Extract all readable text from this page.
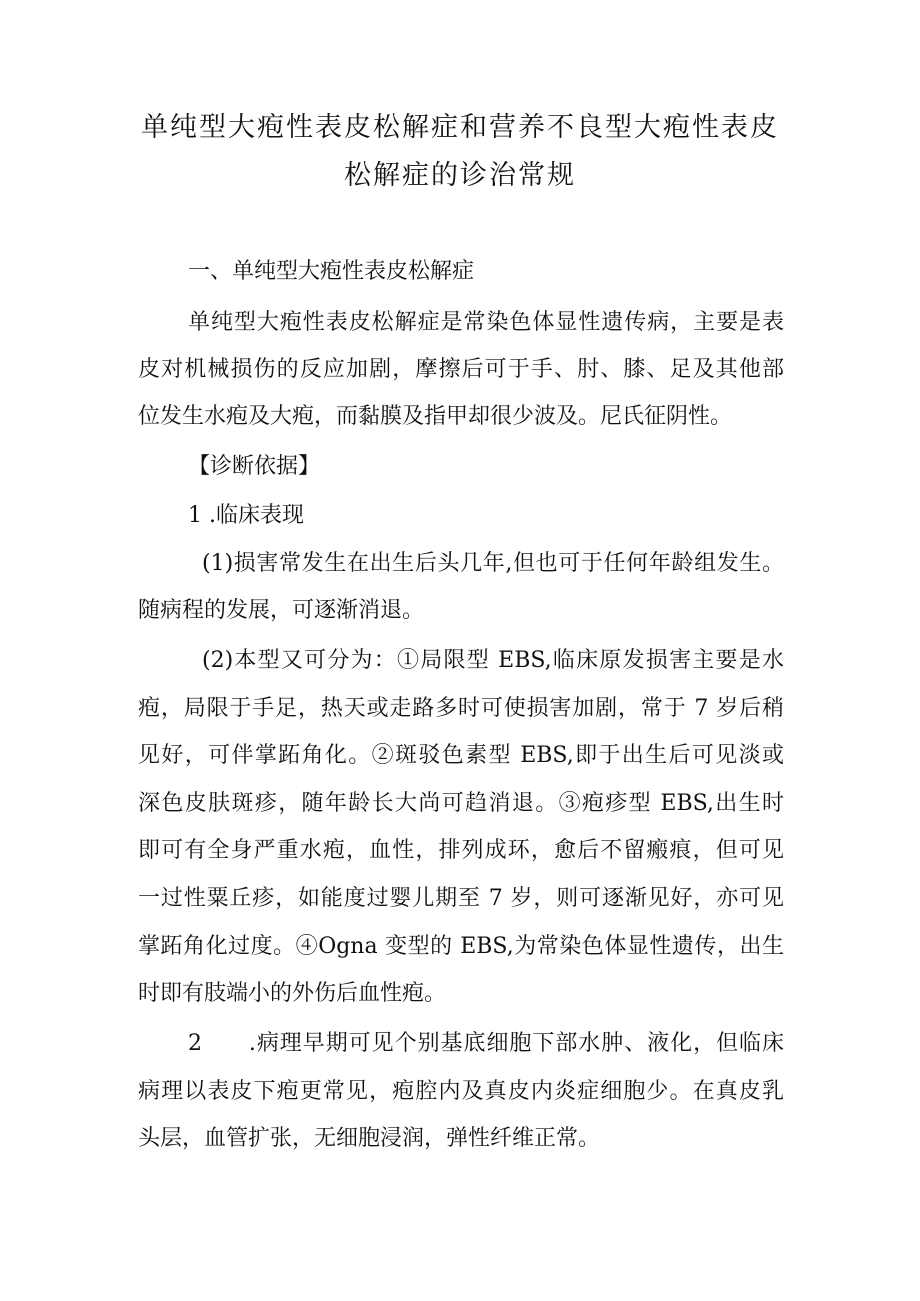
单纯型大疱性表皮松解症和营养不良型大疱性表皮
松解症的诊治常规
一、单纯型大疱性表皮松解症
单纯型大疱性表皮松解症是常染色体显性遗传病，主要是表
皮对机械损伤的反应加剧，摩擦后可于手、肘、膝、足及其他部
位发生水疱及大疱，而黏膜及指甲却很少波及。尼氏征阴性。
【诊断依据】
1 .临床表现
(1)损害常发生在出生后头几年,但也可于任何年龄组发生。
随病程的发展，可逐渐消退。
(2)本型又可分为：①局限型 EBS,临床原发损害主要是水
疱，局限于手足，热天或走路多时可使损害加剧，常于 7 岁后稍
见好，可伴掌跖角化。②斑驳色素型 EBS,即于出生后可见淡或
深色皮肤斑疹，随年龄长大尚可趋消退。③疱疹型 EBS,出生时
即可有全身严重水疱，血性，排列成环，愈后不留瘢痕，但可见
一过性粟丘疹，如能度过婴儿期至 7 岁，则可逐渐见好，亦可见
掌跖角化过度。④Ogna 变型的 EBS,为常染色体显性遗传，出生
时即有肢端小的外伤后血性疱。
2　　.病理早期可见个别基底细胞下部水肿、液化，但临床
病理以表皮下疱更常见，疱腔内及真皮内炎症细胞少。在真皮乳
头层，血管扩张，无细胞浸润，弹性纤维正常。
